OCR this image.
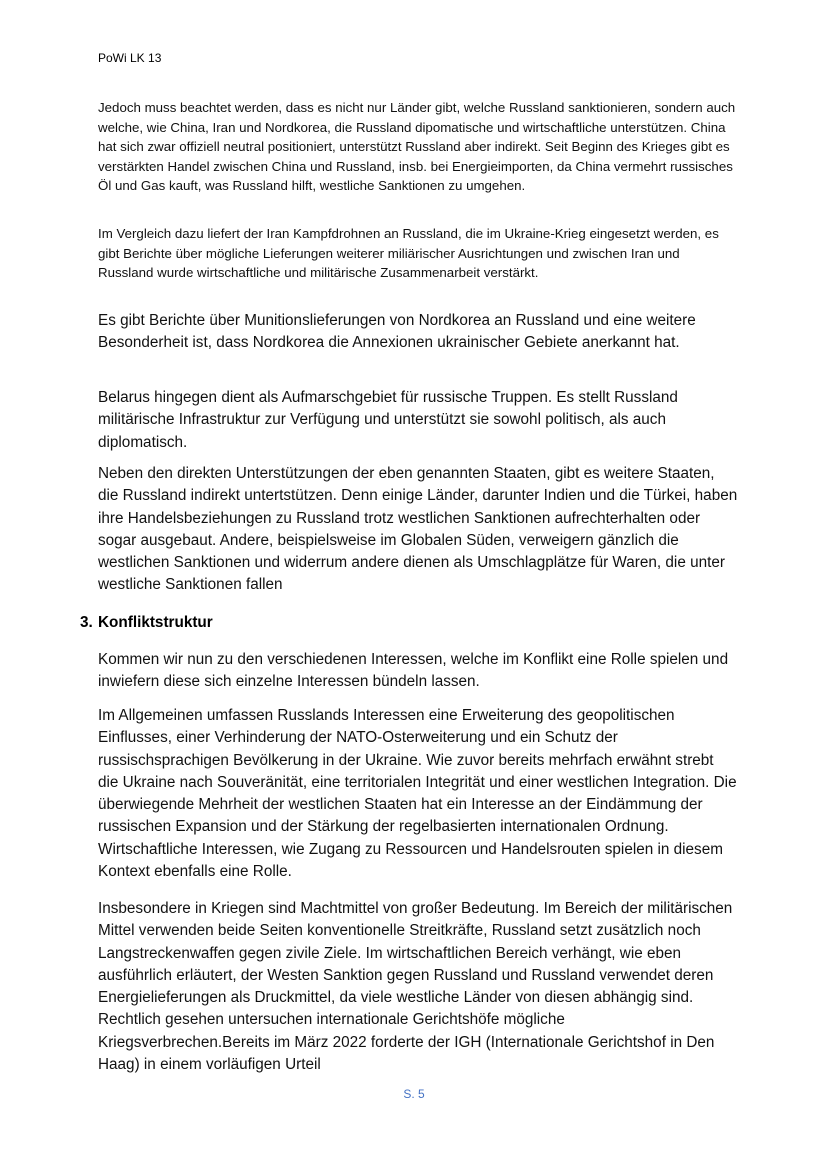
PoWi LK 13

Jedoch muss beachtet werden, dass es nicht nur Länder gibt, welche Russland sanktionieren, sondern auch welche, wie China, Iran und Nordkorea, die Russland dipomatische und wirtschaftliche unterstützen. China hat sich zwar offiziell neutral positioniert, unterstützt Russland aber indirekt. Seit Beginn des Krieges gibt es verstärkten Handel zwischen China und Russland, insb. bei Energieimporten, da China vermehrt russisches Öl und Gas kauft, was Russland hilft, westliche Sanktionen zu umgehen.

Im Vergleich dazu liefert der Iran Kampfdrohnen an Russland, die im Ukraine-Krieg eingesetzt werden, es gibt Berichte über mögliche Lieferungen weiterer miliärischer Ausrichtungen und zwischen Iran und Russland wurde wirtschaftliche und militärische Zusammenarbeit verstärkt.

Es gibt Berichte über Munitionslieferungen von Nordkorea an Russland und eine weitere Besonderheit ist, dass Nordkorea die Annexionen ukrainischer Gebiete anerkannt hat.

Belarus hingegen dient als Aufmarschgebiet für russische Truppen. Es stellt Russland militärische Infrastruktur zur Verfügung und unterstützt sie sowohl politisch, als auch diplomatisch.

Neben den direkten Unterstützungen der eben genannten Staaten, gibt es weitere Staaten, die Russland indirekt untertstützen. Denn einige Länder, darunter Indien und die Türkei, haben ihre Handelsbeziehungen zu Russland trotz westlichen Sanktionen aufrechterhalten oder sogar ausgebaut. Andere, beispielsweise im Globalen Süden, verweigern gänzlich die westlichen Sanktionen und widerrum andere dienen als Umschlagplätze für Waren, die unter westliche Sanktionen fallen

3. Konfliktstruktur

Kommen wir nun zu den verschiedenen Interessen, welche im Konflikt eine Rolle spielen und inwiefern diese sich einzelne Interessen bündeln lassen.

Im Allgemeinen umfassen Russlands Interessen eine Erweiterung des geopolitischen Einflusses, einer Verhinderung der NATO-Osterweiterung und ein Schutz der russischsprachigen Bevölkerung in der Ukraine. Wie zuvor bereits mehrfach erwähnt strebt die Ukraine nach Souveränität, eine territorialen Integrität und einer westlichen Integration. Die überwiegende Mehrheit der westlichen Staaten hat ein Interesse an der Eindämmung der russischen Expansion und der Stärkung der regelbasierten internationalen Ordnung. Wirtschaftliche Interessen, wie Zugang zu Ressourcen und Handelsrouten spielen in diesem Kontext ebenfalls eine Rolle.

Insbesondere in Kriegen sind Machtmittel von großer Bedeutung. Im Bereich der militärischen Mittel verwenden beide Seiten konventionelle Streitkräfte, Russland setzt zusätzlich noch Langstreckenwaffen gegen zivile Ziele. Im wirtschaftlichen Bereich verhängt, wie eben ausführlich erläutert, der Westen Sanktion gegen Russland und Russland verwendet deren Energielieferungen als Druckmittel, da viele westliche Länder von diesen abhängig sind. Rechtlich gesehen untersuchen internationale Gerichtshöfe mögliche Kriegsverbrechen.Bereits im März 2022 forderte der IGH (Internationale Gerichtshof in Den Haag) in einem vorläufigen Urteil

S. 5
